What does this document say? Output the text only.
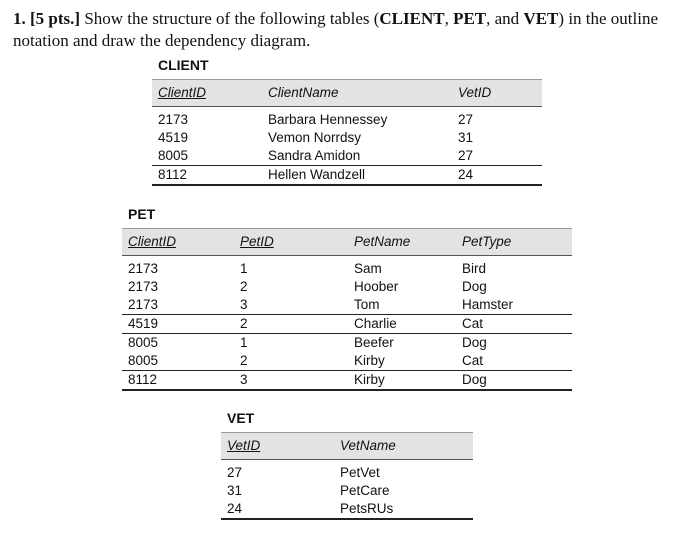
1. [5 pts.] Show the structure of the following tables (CLIENT, PET, and VET) in the outline notation and draw the dependency diagram.

CLIENT
ClientID	ClientName	VetID
2173	Barbara Hennessey	27
4519	Vemon Norrdsy	31
8005	Sandra Amidon	27
8112	Hellen Wandzell	24
PET
ClientID	PetID	PetName	PetType
2173	1	Sam	Bird
2173	2	Hoober	Dog
2173	3	Tom	Hamster
4519	2	Charlie	Cat
8005	1	Beefer	Dog
8005	2	Kirby	Cat
8112	3	Kirby	Dog
VET
VetID	VetName
27	PetVet
31	PetCare
24	PetsRUs
